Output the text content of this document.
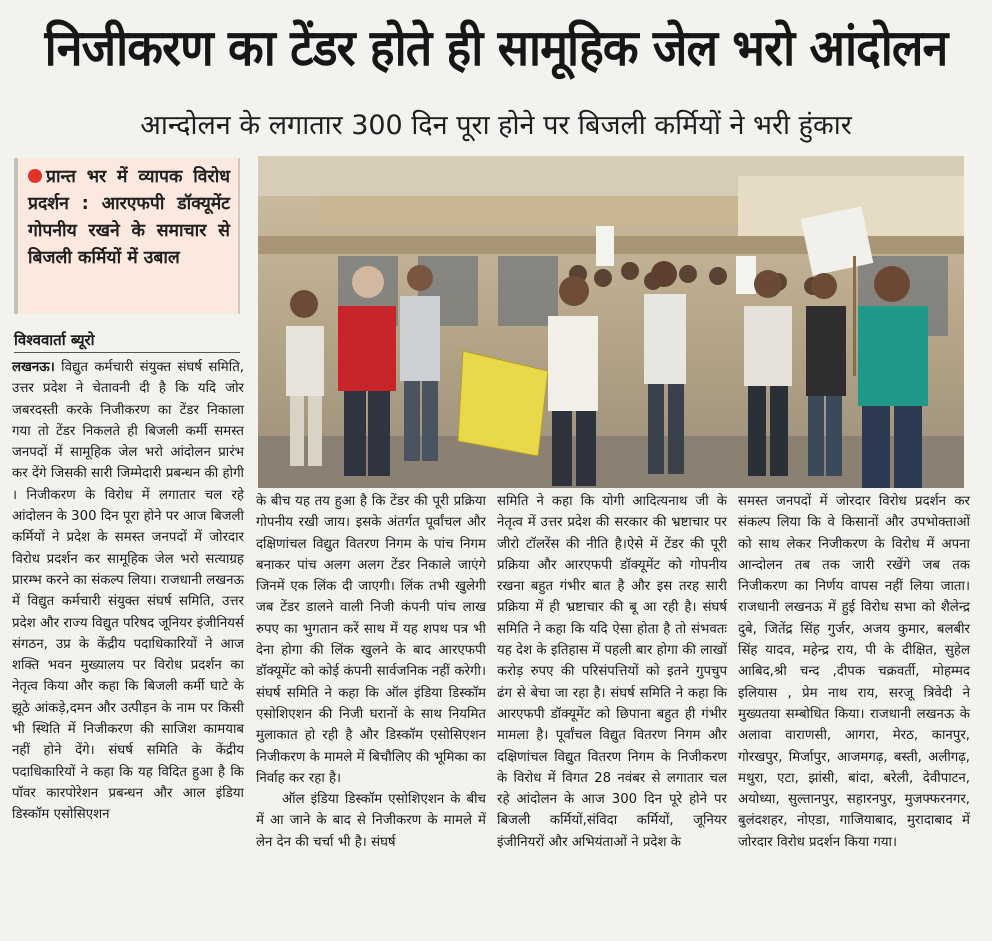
निजीकरण का टेंडर होते ही सामूहिक जेल भरो आंदोलन
आन्दोलन के लगातार 300 दिन पूरा होने पर बिजली कर्मियों ने भरी हुंकार
प्रान्त भर में व्यापक विरोध प्रदर्शन : आरएफपी डॉक्यूमेंट गोपनीय रखने के समाचार से बिजली कर्मियों में उबाल
विश्ववार्ता ब्यूरो

लखनऊ। विद्युत कर्मचारी संयुक्त संघर्ष समिति, उत्तर प्रदेश ने चेतावनी दी है कि यदि जोर जबरदस्ती करके निजीकरण का टेंडर निकाला गया तो टेंडर निकलते ही बिजली कर्मी समस्त जनपदों में सामूहिक जेल भरो आंदोलन प्रारंभ कर देंगे जिसकी सारी जिम्मेदारी प्रबन्धन की होगी । निजीकरण के विरोध में लगातार चल रहे आंदोलन के 300 दिन पूरा होने पर आज बिजली कर्मियों ने प्रदेश के समस्त जनपदों में जोरदार विरोध प्रदर्शन कर सामूहिक जेल भरो सत्याग्रह प्रारम्भ करने का संकल्प लिया। राजधानी लखनऊ में विद्युत कर्मचारी संयुक्त संघर्ष समिति, उत्तर प्रदेश और राज्य विद्युत परिषद जूनियर इंजीनियर्स संगठन, उप्र के केंद्रीय पदाधिकारियों ने आज शक्ति भवन मुख्यालय पर विरोध प्रदर्शन का नेतृत्व किया और कहा कि बिजली कर्मी घाटे के झूठे आंकड़े,दमन और उत्पीड़न के नाम पर किसी भी स्थिति में निजीकरण की साजिश कामयाब नहीं होने देंगे। संघर्ष समिति के केंद्रीय पदाधिकारियों ने कहा कि यह विदित हुआ है कि पॉवर कारपोरेशन प्रबन्धन और आल इंडिया डिस्कॉम एसोसिएशन

के बीच यह तय हुआ है कि टेंडर की पूरी प्रक्रिया गोपनीय रखी जाय। इसके अंतर्गत पूर्वांचल और दक्षिणांचल विद्युत वितरण निगम के पांच निगम बनाकर पांच अलग अलग टेंडर निकाले जाएंगे जिनमें एक लिंक दी जाएगी। लिंक तभी खुलेगी जब टेंडर डालने वाली निजी कंपनी पांच लाख रुपए का भुगतान करें साथ में यह शपथ पत्र भी देना होगा की लिंक खुलने के बाद आरएफपी डॉक्यूमेंट को कोई कंपनी सार्वजनिक नहीं करेगी। संघर्ष समिति ने कहा कि ऑल इंडिया डिस्कॉम एसोशिएशन की निजी घरानों के साथ नियमित मुलाकात हो रही है और डिस्कॉम एसोसिएशन निजीकरण के मामले में बिचौलिए की भूमिका का निर्वाह कर रहा है।

ऑल इंडिया डिस्कॉम एसोशिएशन के बीच में आ जाने के बाद से निजीकरण के मामले में लेन देन की चर्चा भी है। संघर्ष

समिति ने कहा कि योगी आदित्यनाथ जी के नेतृत्व में उत्तर प्रदेश की सरकार की भ्रष्टाचार पर जीरो टॉलरेंस की नीति है।ऐसे में टेंडर की पूरी प्रक्रिया और आरएफपी डॉक्यूमेंट को गोपनीय रखना बहुत गंभीर बात है और इस तरह सारी प्रक्रिया में ही भ्रष्टाचार की बू आ रही है। संघर्ष समिति ने कहा कि यदि ऐसा होता है तो संभवतः यह देश के इतिहास में पहली बार होगा की लाखों करोड़ रुपए की परिसंपत्तियों को इतने गुपचुप ढंग से बेचा जा रहा है। संघर्ष समिति ने कहा कि आरएफपी डॉक्यूमेंट को छिपाना बहुत ही गंभीर मामला है। पूर्वांचल विद्युत वितरण निगम और दक्षिणांचल विद्युत वितरण निगम के निजीकरण के विरोध में विगत 28 नवंबर से लगातार चल रहे आंदोलन के आज 300 दिन पूरे होने पर बिजली कर्मियों,संविदा कर्मियों, जूनियर इंजीनियरों और अभियंताओं ने प्रदेश के

समस्त जनपदों में जोरदार विरोध प्रदर्शन कर संकल्प लिया कि वे किसानों और उपभोक्ताओं को साथ लेकर निजीकरण के विरोध में अपना आन्दोलन तब तक जारी रखेंगे जब तक निजीकरण का निर्णय वापस नहीं लिया जाता। राजधानी लखनऊ में हुई विरोध सभा को शैलेन्द्र दुबे, जितेंद्र सिंह गुर्जर, अजय कुमार, बलबीर सिंह यादव, महेन्द्र राय, पी के दीक्षित, सुहेल आबिद,श्री चन्द ,दीपक चक्रवर्ती, मोहम्मद इलियास , प्रेम नाथ राय, सरजू त्रिवेदी ने मुख्यतया सम्बोधित किया। राजधानी लखनऊ के अलावा वाराणसी, आगरा, मेरठ, कानपुर, गोरखपुर, मिर्जापुर, आजमगढ़, बस्ती, अलीगढ़, मथुरा, एटा, झांसी, बांदा, बरेली, देवीपाटन, अयोध्या, सुल्तानपुर, सहारनपुर, मुजफ्फरनगर, बुलंदशहर, नोएडा, गाजियाबाद, मुरादाबाद में जोरदार विरोध प्रदर्शन किया गया।
